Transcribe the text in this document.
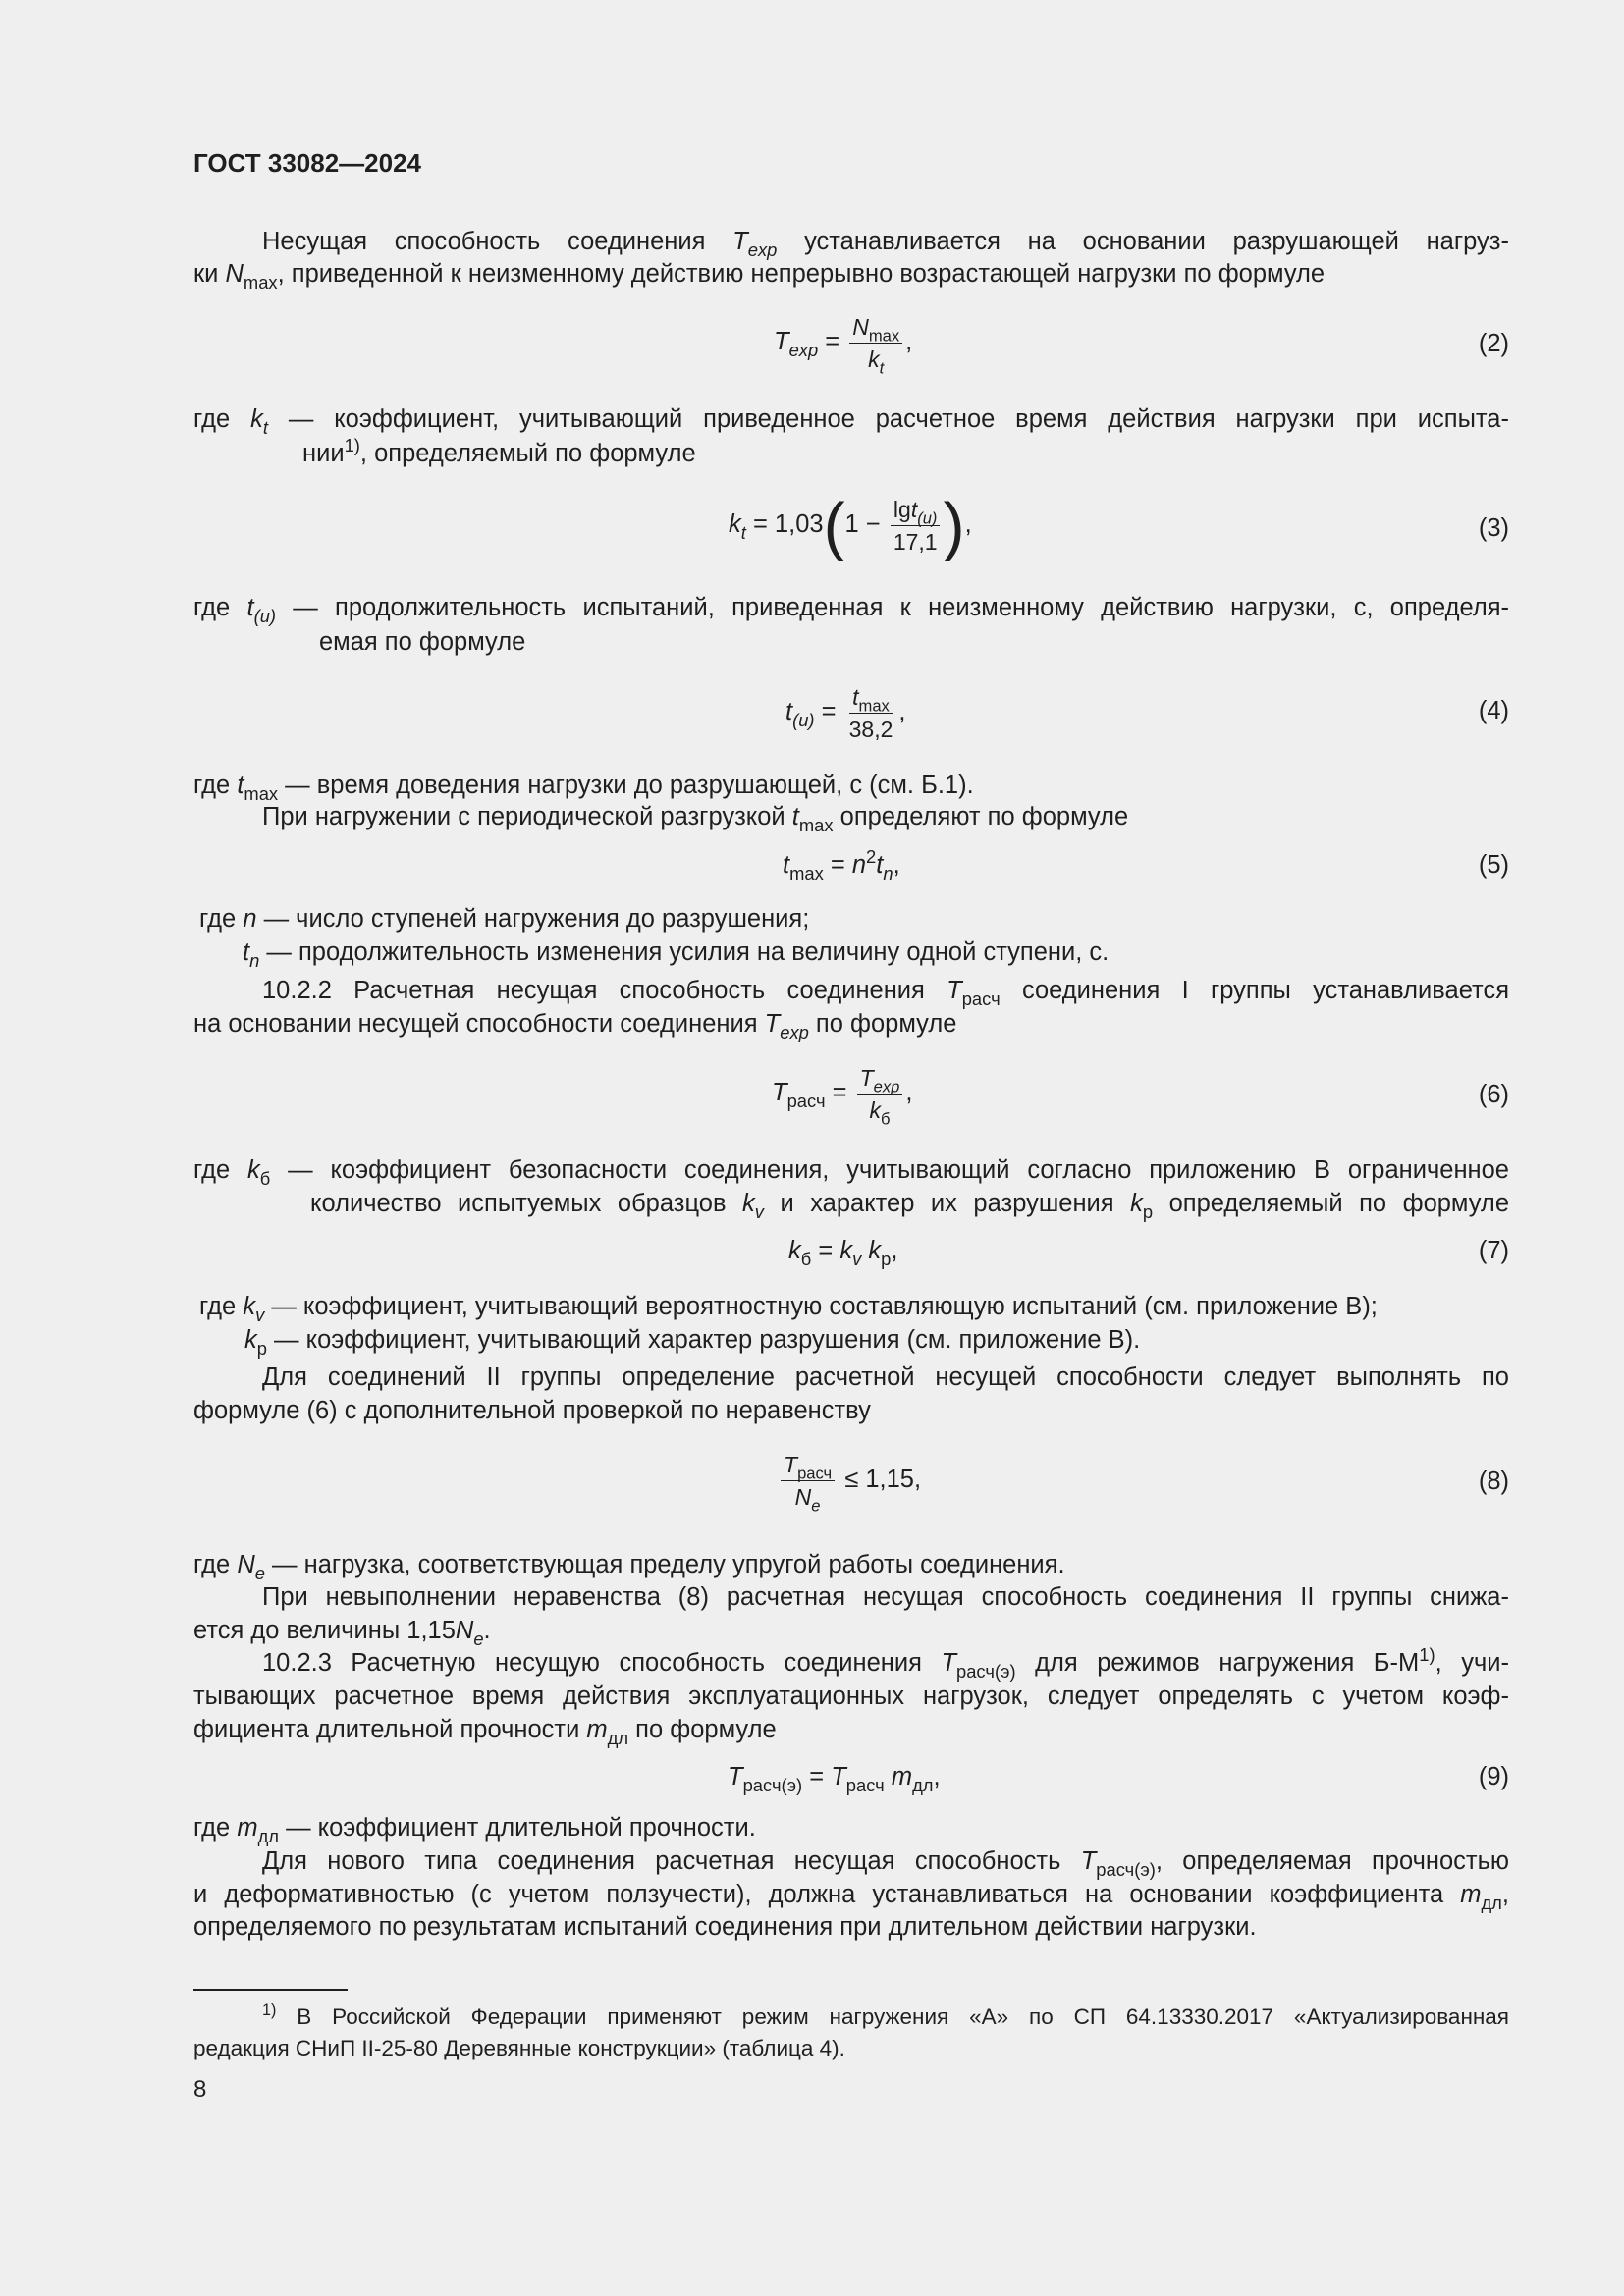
ГОСТ 33082—2024
Несущая способность соединения $T_{exp}$ устанавливается на основании разрушающей нагруз-
ки $N_{max}$, приведенной к неизменному действию непрерывно возрастающей нагрузки по формуле
$T_{exp} = \frac{N_{max}}{k_t}$ ,	(2)
где $k_t$ — коэффициент, учитывающий приведенное расчетное время действия нагрузки при испыта-
нии$^{1)}$, определяемый по формуле
$k_t = 1,03(1 - \frac{\lg t_{(u)}}{17,1}$ ),	(3)
где $t_{(u)}$ — продолжительность испытаний, приведенная к неизменному действию нагрузки, с, определя-
емая по формуле
$t_{(u)} = \frac{t_{max}}{38,2}$ ,	(4)
где $t_{max}$ — время доведения нагрузки до разрушающей, с (см. Б.1).
При нагружении с периодической разгрузкой $t_{max}$ определяют по формуле
$t_{max} = n^2t_n$,	(5)
где n — число ступеней нагружения до разрушения;
$t_n$ — продолжительность изменения усилия на величину одной ступени, с.
10.2.2 Расчетная несущая способность соединения $T_{расч}$ соединения I группы устанавливается
на основании несущей способности соединения $T_{exp}$ по формуле
$T_{расч} = \frac{T_{exp}}{k_б}$ ,	(6)
где $k_б$ — коэффициент безопасности соединения, учитывающий согласно приложению В ограниченное
количество испытуемых образцов $k_v$ и характер их разрушения $k_р$ определяемый по формуле
$k_б = k_v$ $k_р$,	(7)
где $k_v$ — коэффициент, учитывающий вероятностную составляющую испытаний (см. приложение В);
$k_р$ — коэффициент, учитывающий характер разрушения (см. приложение В).
Для соединений II группы определение расчетной несущей способности следует выполнять по
формуле (6) с дополнительной проверкой по неравенству
$\frac{T_{расч}}{N_e} \le 1,15$,	(8)
где $N_e$ — нагрузка, соответствующая пределу упругой работы соединения.
При невыполнении неравенства (8) расчетная несущая способность соединения II группы снижа-
ется до величины $1,15N_e$.
10.2.3 Расчетную несущую способность соединения $T_{расч(э)}$ для режимов нагружения $Б-М^{1)}$, учи-
тывающих расчетное время действия эксплуатационных нагрузок, следует определять с учетом коэф-
фициента длительной прочности $m_{дл}$ по формуле
$T_{расч(э)} = T_{расч}$ $m_{дл}$,	(9)
где $m_{дл}$ — коэффициент длительной прочности.
Для нового типа соединения расчетная несущая способность $T_{расч(э)}$, определяемая прочностью
и деформативностью (с учетом ползучести), должна устанавливаться на основании коэффициента $m_{дл}$,
определяемого по результатам испытаний соединения при длительном действии нагрузки.
$^{1)}$ В Российской Федерации применяют режим нагружения «А» по СП 64.13330.2017 «Актуализированная
редакция СНиП II-25-80 Деревянные конструкции» (таблица 4).
8
